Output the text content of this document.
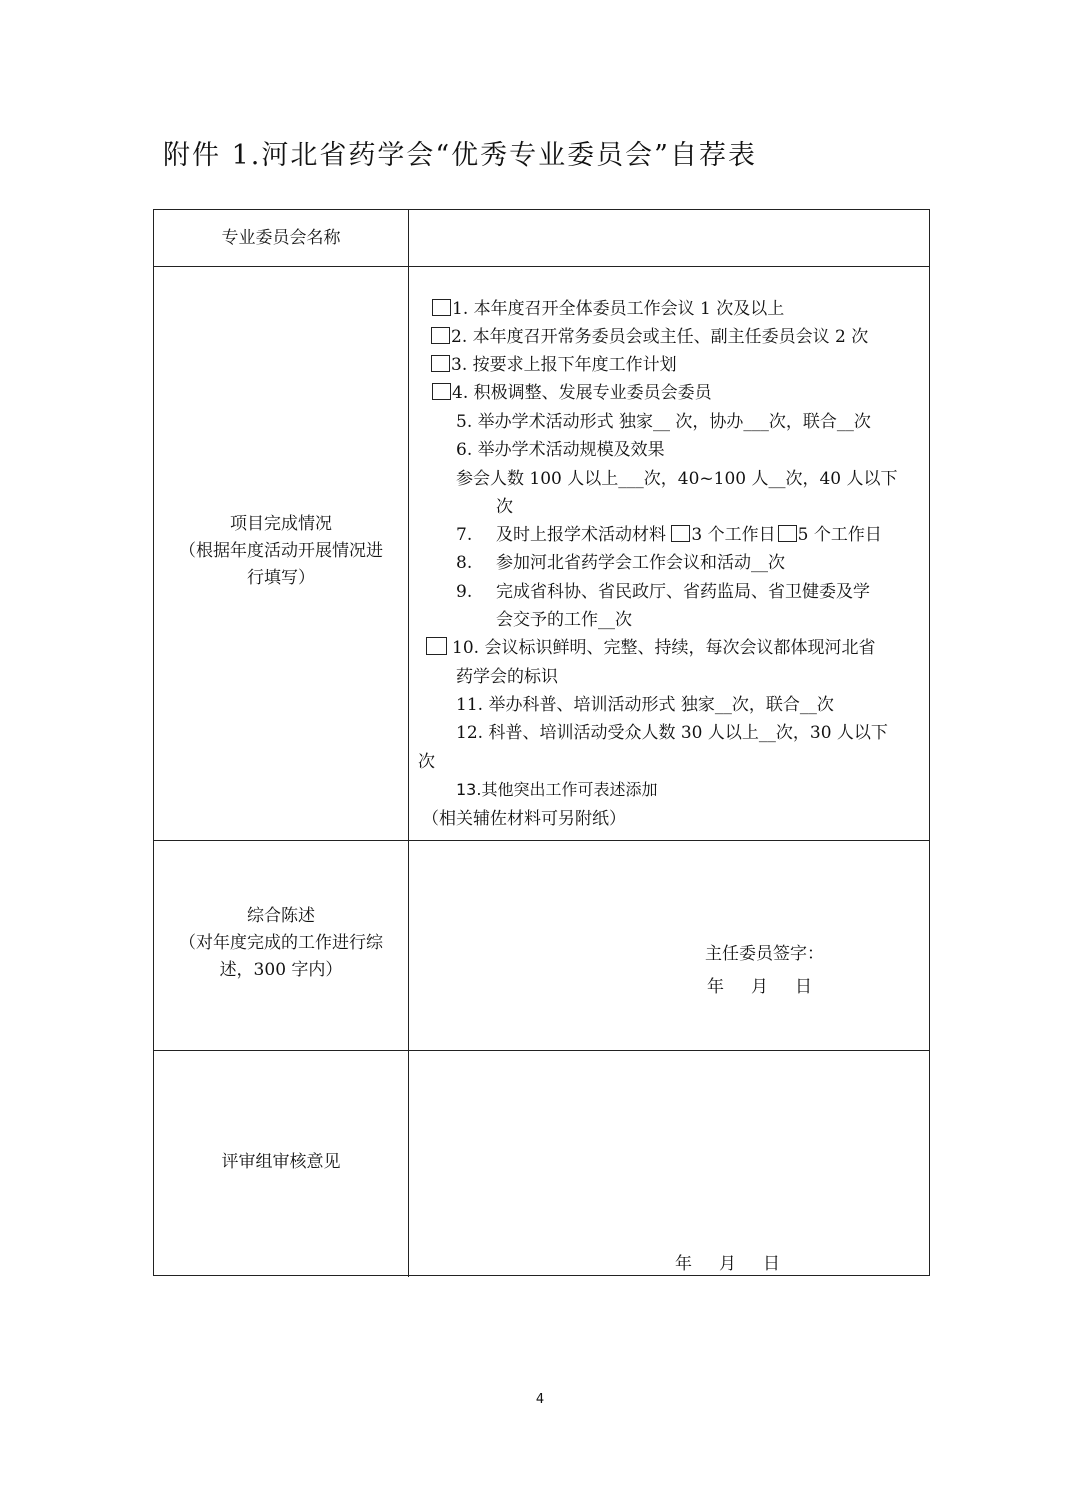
附件 1.河北省药学会“优秀专业委员会”自荐表
专业委员会名称
项目完成情况
（根据年度活动开展情况进
行填写）
1. 本年度召开全体委员工作会议 1 次及以上
2. 本年度召开常务委员会或主任、副主任委员会议 2 次
3. 按要求上报下年度工作计划
4. 积极调整、发展专业委员会委员
5. 举办学术活动形式 独家__ 次，协办___次，联合__次
6. 举办学术活动规模及效果
参会人数 100 人以上___次，40~100 人__次，40 人以下
次
7. 及时上报学术活动材料 3 个工作日 5 个工作日
8. 参加河北省药学会工作会议和活动__次
9. 完成省科协、省民政厅、省药监局、省卫健委及学
会交予的工作__次
10. 会议标识鲜明、完整、持续，每次会议都体现河北省
药学会的标识
11. 举办科普、培训活动形式 独家__次，联合__次
12. 科普、培训活动受众人数 30 人以上__次，30 人以下
次
13.其他突出工作可表述添加
（相关辅佐材料可另附纸）
综合陈述
（对年度完成的工作进行综
述，300 字内）
主任委员签字：
年     月     日
评审组审核意见
年     月     日
4
